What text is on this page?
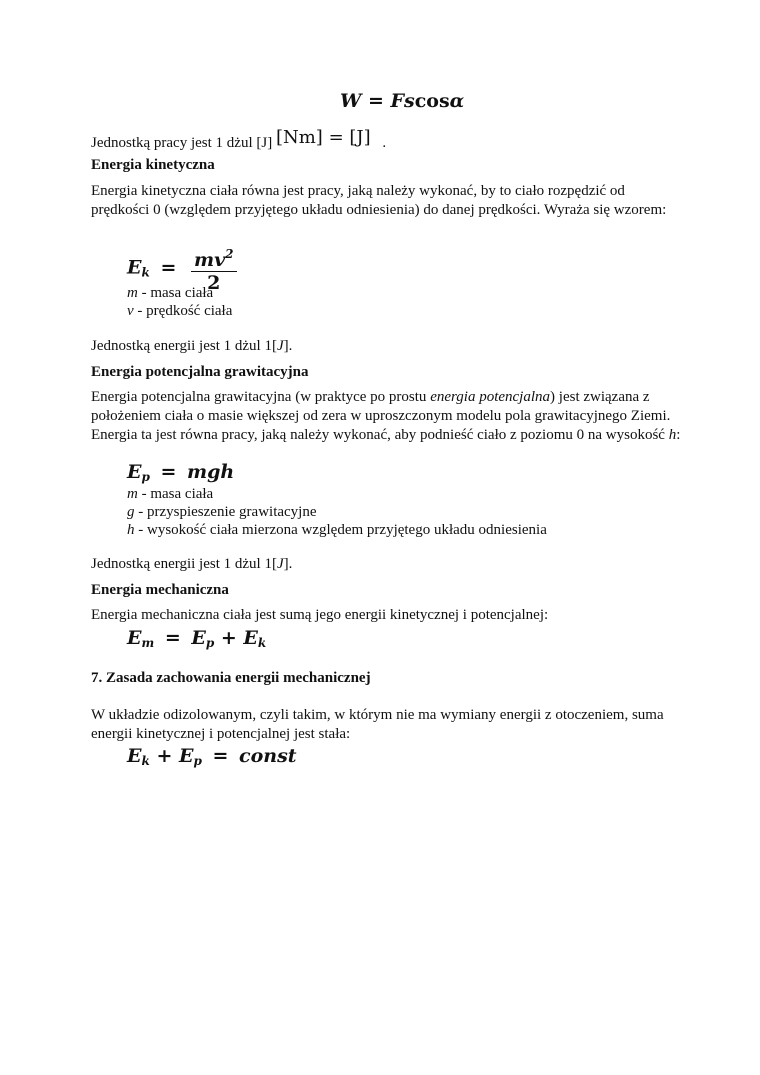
W = Fscosα
Jednostką pracy jest 1 dżul [J] [Nm] = [J] .
Energia kinetyczna
Energia kinetyczna ciała równa jest pracy, jaką należy wykonać, by to ciało rozpędzić od prędkości 0 (względem przyjętego układu odniesienia) do danej prędkości. Wyraża się wzorem:
$E_k = \frac{mv^2}{2}$
m - masa ciała
v - prędkość ciała
Jednostką energii jest 1 dżul 1[J].
Energia potencjalna grawitacyjna
Energia potencjalna grawitacyjna (w praktyce po prostu energia potencjalna) jest związana z położeniem ciała o masie większej od zera w uproszczonym modelu pola grawitacyjnego Ziemi. Energia ta jest równa pracy, jaką należy wykonać, aby podnieść ciało z poziomu 0 na wysokość h:
$E_p$ = mgh
m - masa ciała
g - przyspieszenie grawitacyjne
h - wysokość ciała mierzona względem przyjętego układu odniesienia
Jednostką energii jest 1 dżul 1[J].
Energia mechaniczna
Energia mechaniczna ciała jest sumą jego energii kinetycznej i potencjalnej:
$E_m = E_p + E_k$
7. Zasada zachowania energii mechanicznej
W układzie odizolowanym, czyli takim, w którym nie ma wymiany energii z otoczeniem, suma energii kinetycznej i potencjalnej jest stała:
$E_k + E_p$ = const
